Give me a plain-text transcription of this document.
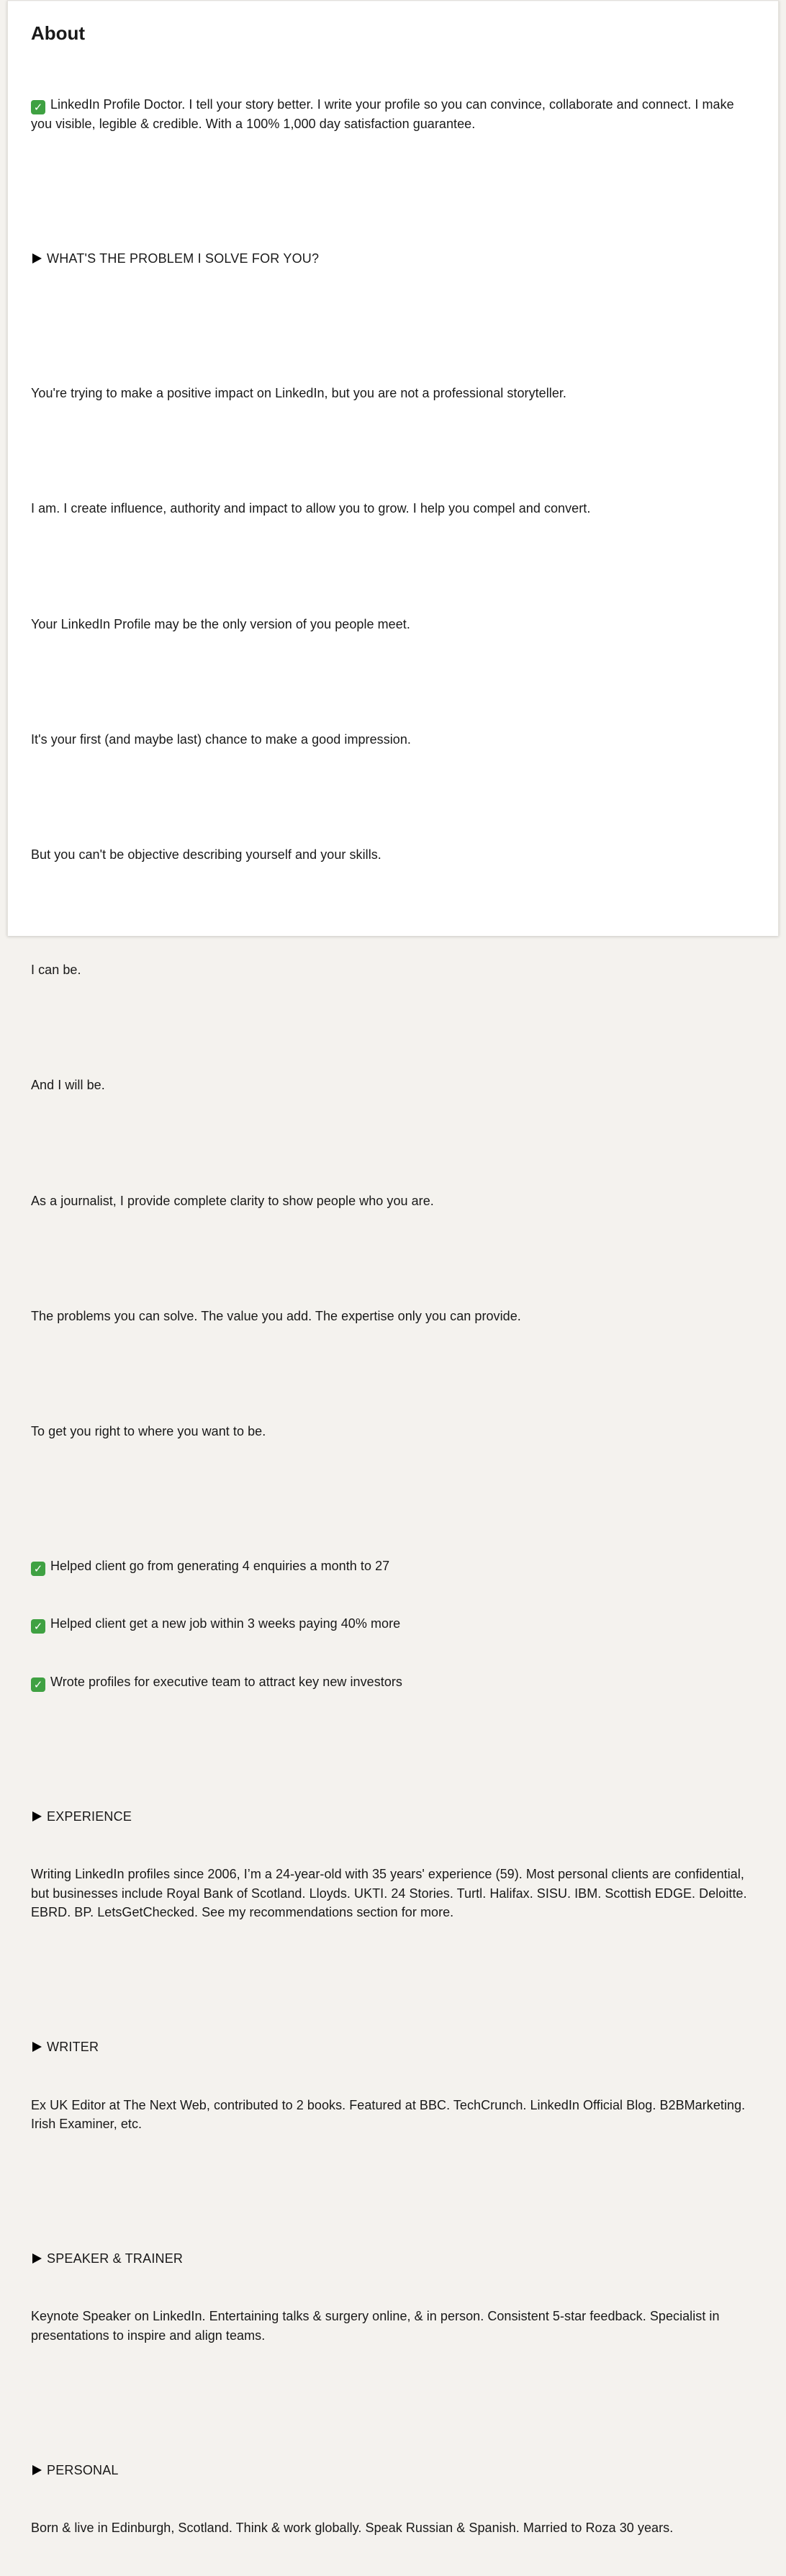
About

✓ LinkedIn Profile Doctor. I tell your story better. I write your profile so you can convince, collaborate and connect. I make you visible, legible & credible. With a 100% 1,000 day satisfaction guarantee.

WHAT'S THE PROBLEM I SOLVE FOR YOU?

You're trying to make a positive impact on LinkedIn, but you are not a professional storyteller.

I am. I create influence, authority and impact to allow you to grow. I help you compel and convert.

Your LinkedIn Profile may be the only version of you people meet.

It's your first (and maybe last) chance to make a good impression.

But you can't be objective describing yourself and your skills.

I can be.

And I will be.

As a journalist, I provide complete clarity to show people who you are.

The problems you can solve. The value you add. The expertise only you can provide.

To get you right to where you want to be.

✓ Helped client go from generating 4 enquiries a month to 27

✓ Helped client get a new job within 3 weeks paying 40% more

✓ Wrote profiles for executive team to attract key new investors

EXPERIENCE

Writing LinkedIn profiles since 2006, I’m a 24-year-old with 35 years' experience (59). Most personal clients are confidential, but businesses include Royal Bank of Scotland. Lloyds. UKTI. 24 Stories. Turtl. Halifax. SISU. IBM. Scottish EDGE. Deloitte. EBRD. BP. LetsGetChecked. See my recommendations section for more.

WRITER

Ex UK Editor at The Next Web, contributed to 2 books. Featured at BBC. TechCrunch. LinkedIn Official Blog. B2BMarketing. Irish Examiner, etc.

SPEAKER & TRAINER

Keynote Speaker on LinkedIn. Entertaining talks & surgery online, & in person. Consistent 5-star feedback. Specialist in presentations to inspire and align teams.

PERSONAL

Born & live in Edinburgh, Scotland. Think & work globally. Speak Russian & Spanish. Married to Roza 30 years.
